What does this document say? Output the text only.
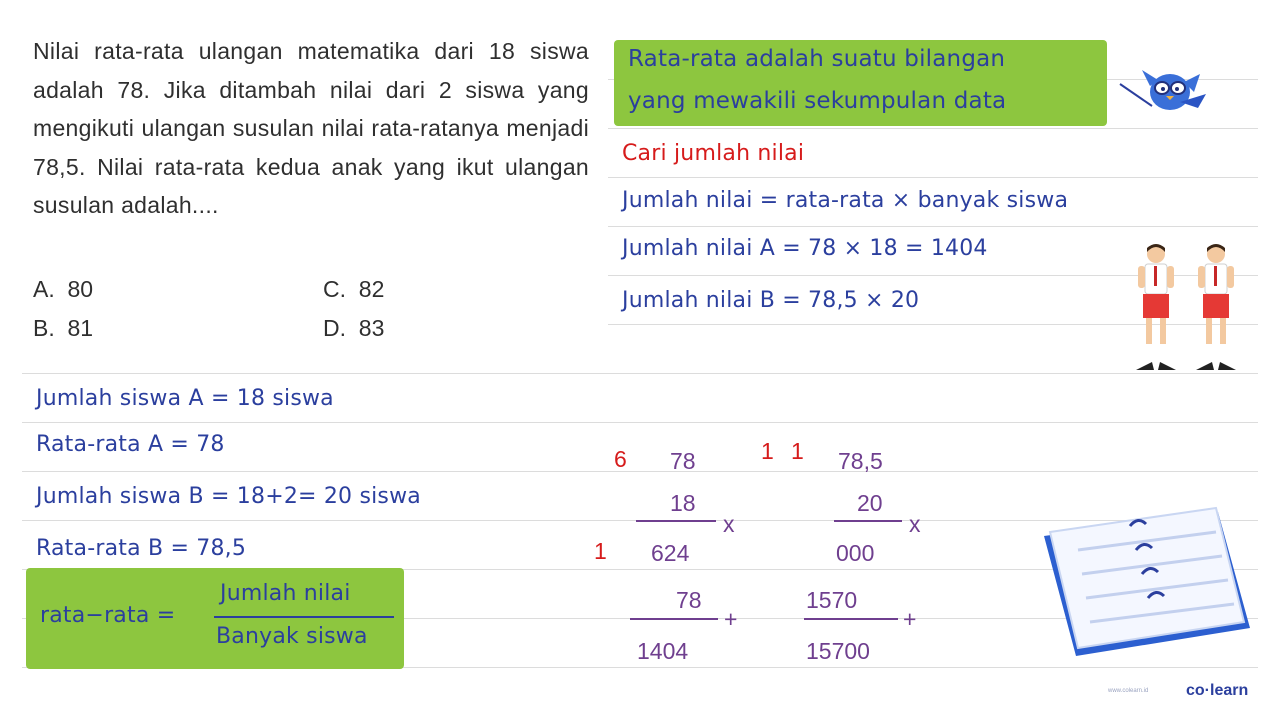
Nilai rata-rata ulangan matematika dari 18 siswa adalah 78. Jika ditambah nilai dari 2 siswa yang mengikuti ulangan susulan nilai rata-ratanya menjadi 78,5. Nilai rata-rata kedua anak yang ikut ulangan susulan adalah....
A.  80	C.  82
B.  81	D.  83
Rata-rata adalah suatu bilangan
yang mewakili sekumpulan data
Cari jumlah nilai
Jumlah nilai = rata-rata × banyak siswa
Jumlah nilai A = 78 × 18 = 1404
Jumlah nilai B = 78,5 × 20
Jumlah siswa A = 18 siswa
Rata-rata A = 78
Jumlah siswa B = 18+2= 20 siswa
Rata-rata B = 78,5
rata−rata =
Jumlah nilai
Banyak siswa
6
1
78
18
x
624
78
+
1404
1 1 78,5
20
x
000
1570
+
15700
www.colearn.id co·learn
